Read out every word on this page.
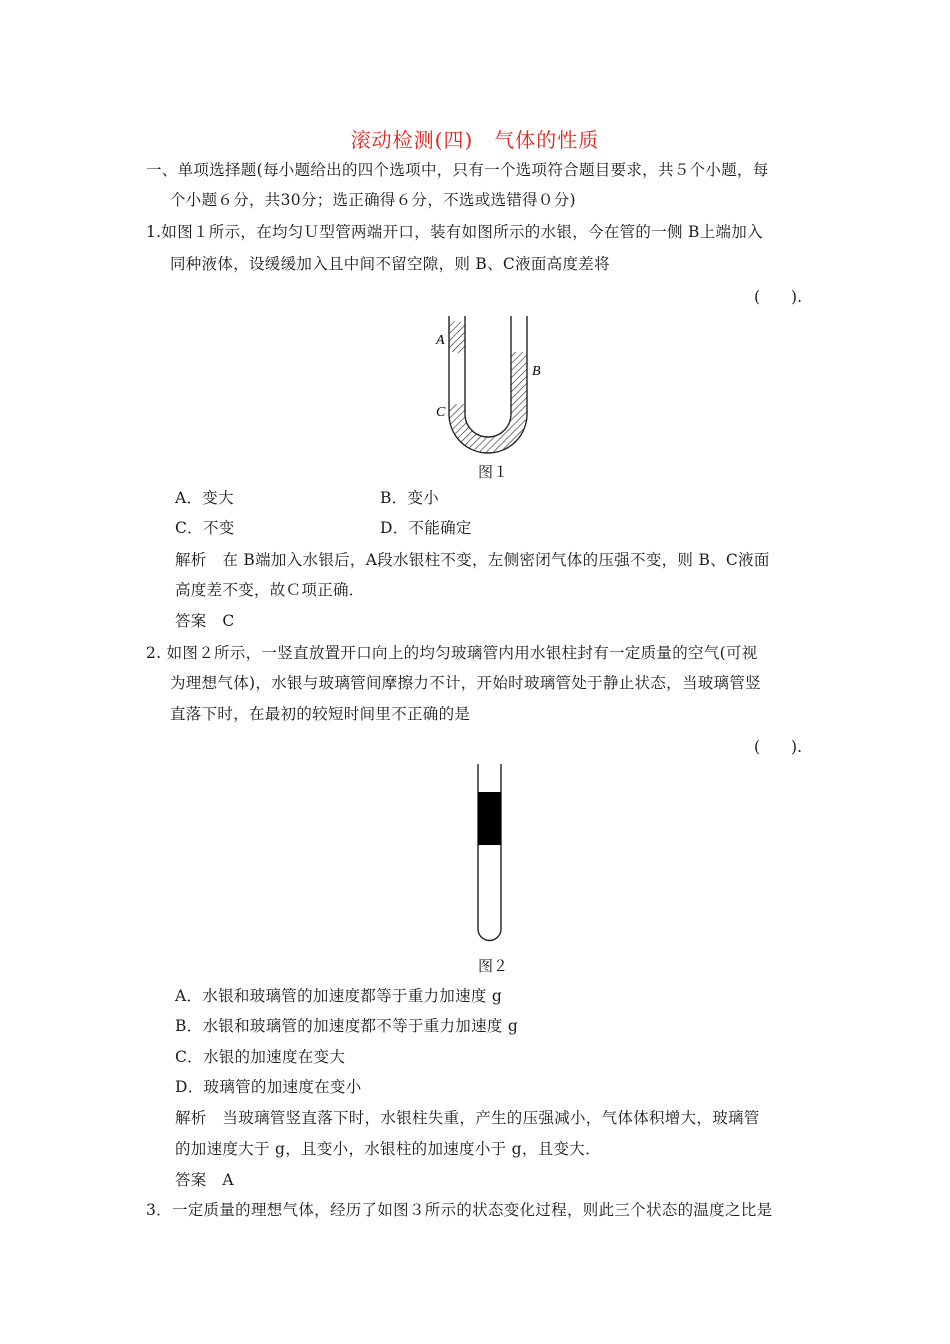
滚动检测(四)　气体的性质
一、单项选择题(每小题给出的四个选项中，只有一个选项符合题目要求，共５个小题，每
个小题６分，共30分；选正确得６分，不选或选错得０分)
1.如图１所示，在均匀Ｕ型管两端开口，装有如图所示的水银，今在管的一侧 B上端加入
同种液体，设缓缓加入且中间不留空隙，则 B、C液面高度差将
(　　).
A
B
C
图１
A．变大	B．变小
C．不变	D．不能确定
解析　在 B端加入水银后，A段水银柱不变，左侧密闭气体的压强不变，则 B、C液面
高度差不变，故Ｃ项正确．
答案　C
2. 如图２所示，一竖直放置开口向上的均匀玻璃管内用水银柱封有一定质量的空气(可视
为理想气体)，水银与玻璃管间摩擦力不计，开始时玻璃管处于静止状态，当玻璃管竖
直落下时，在最初的较短时间里不正确的是
(　　).
图２
A．水银和玻璃管的加速度都等于重力加速度 g
B．水银和玻璃管的加速度都不等于重力加速度 g
C．水银的加速度在变大
D．玻璃管的加速度在变小
解析　当玻璃管竖直落下时，水银柱失重，产生的压强减小，气体体积增大，玻璃管
的加速度大于 g，且变小，水银柱的加速度小于 g，且变大．
答案　A
3．一定质量的理想气体，经历了如图３所示的状态变化过程，则此三个状态的温度之比是
